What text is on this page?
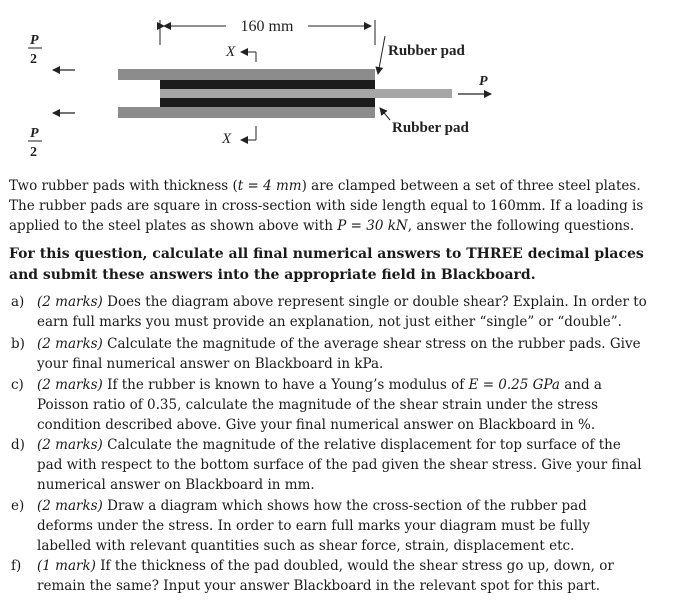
160 mm
X
P
2
P
2
P
Rubber pad
Rubber pad
X
Two rubber pads with thickness (t = 4 mm) are clamped between a set of three steel plates. The rubber pads are square in cross-section with side length equal to 160mm. If a loading is applied to the steel plates as shown above with P = 30 kN, answer the following questions.
For this question, calculate all final numerical answers to THREE decimal places and submit these answers into the appropriate field in Blackboard.
a) (2 marks) Does the diagram above represent single or double shear? Explain. In order to earn full marks you must provide an explanation, not just either “single” or “double”.
b) (2 marks) Calculate the magnitude of the average shear stress on the rubber pads. Give your final numerical answer on Blackboard in kPa.
c) (2 marks) If the rubber is known to have a Young’s modulus of E = 0.25 GPa and a Poisson ratio of 0.35, calculate the magnitude of the shear strain under the stress condition described above. Give your final numerical answer on Blackboard in %.
d) (2 marks) Calculate the magnitude of the relative displacement for top surface of the pad with respect to the bottom surface of the pad given the shear stress. Give your final numerical answer on Blackboard in mm.
e) (2 marks) Draw a diagram which shows how the cross-section of the rubber pad deforms under the stress. In order to earn full marks your diagram must be fully labelled with relevant quantities such as shear force, strain, displacement etc.
f)	(1 mark) If the thickness of the pad doubled, would the shear stress go up, down, or remain the same? Input your answer Blackboard in the relevant spot for this part.
